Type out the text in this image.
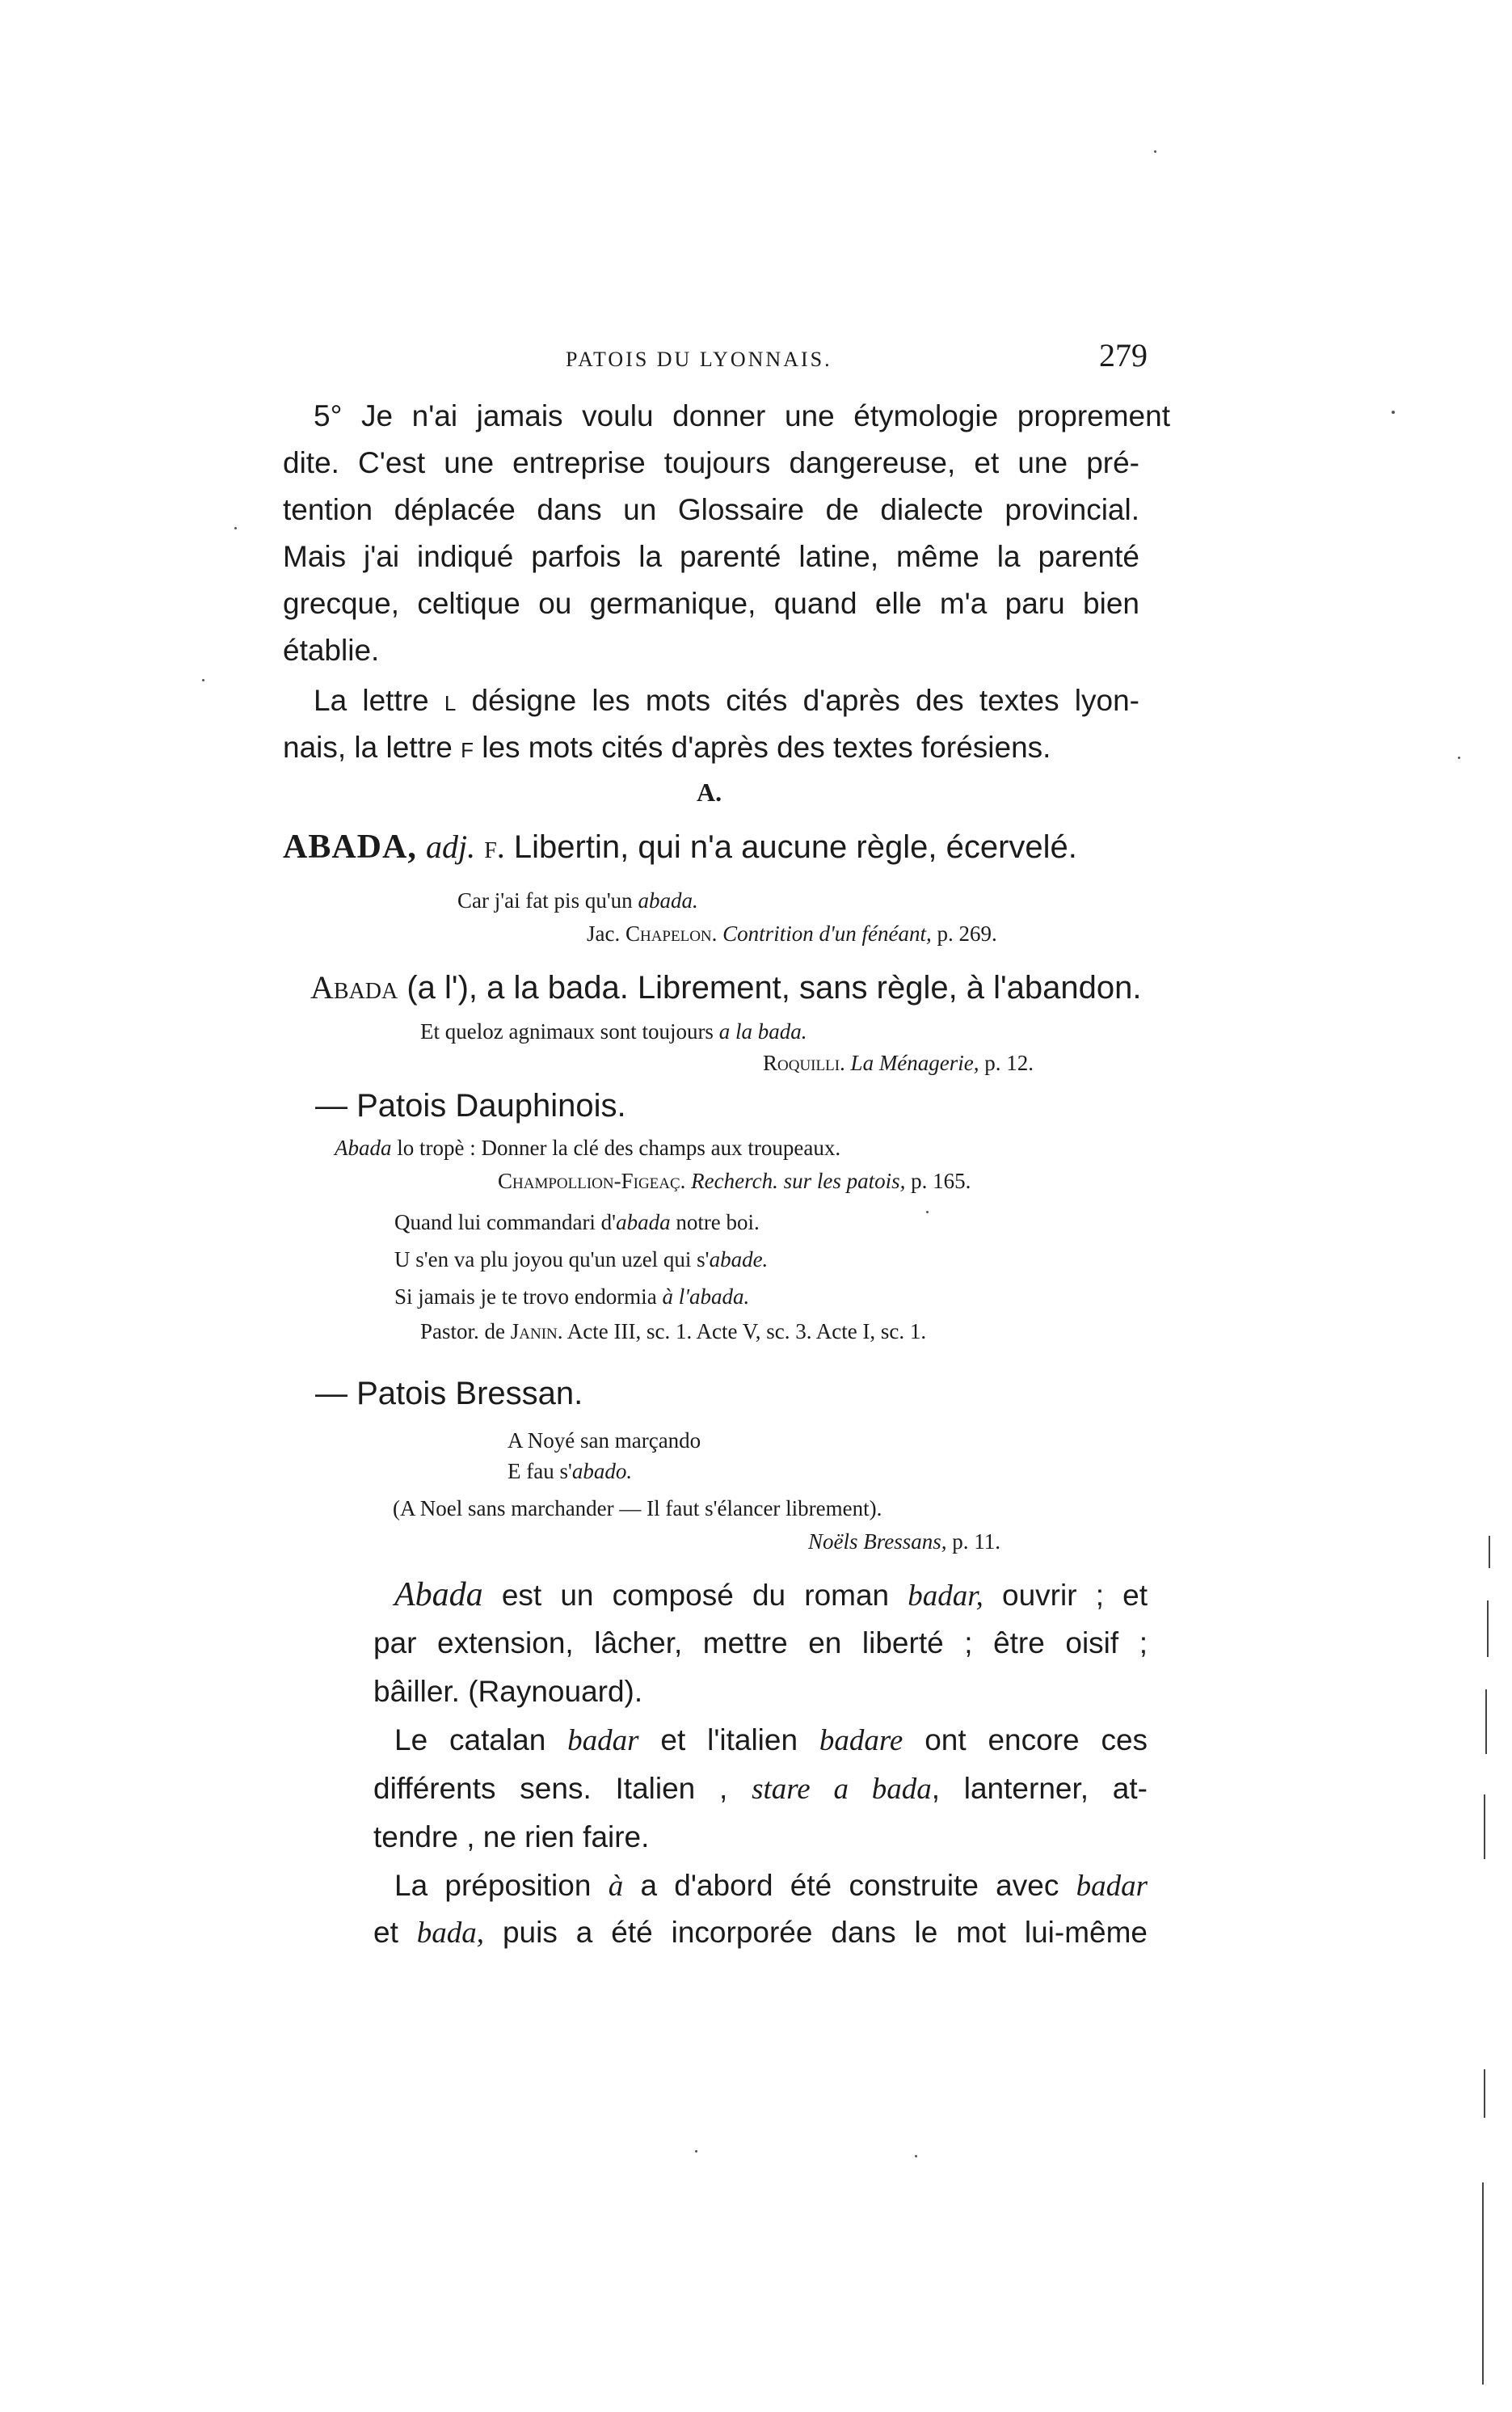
PATOIS DU LYONNAIS.	279
5° Je n'ai jamais voulu donner une étymologie proprement
dite. C'est une entreprise toujours dangereuse, et une pré-
tention déplacée dans un Glossaire de dialecte provincial.
Mais j'ai indiqué parfois la parenté latine, même la parenté
grecque, celtique ou germanique, quand elle m'a paru bien
établie.
La lettre l désigne les mots cités d'après des textes lyon-
nais, la lettre f les mots cités d'après des textes forésiens.
A.
ABADA, adj. f. Libertin, qui n'a aucune règle, écervelé.
Car j'ai fat pis qu'un abada.
Jac. Chapelon. Contrition d'un fénéant, p. 269.
Abada (a l'), a la bada. Librement, sans règle, à l'abandon.
Et queloz agnimaux sont toujours a la bada.
Roquilli. La Ménagerie, p. 12.
— Patois Dauphinois.
Abada lo tropè : Donner la clé des champs aux troupeaux.
Champollion-Figeaç. Recherch. sur les patois, p. 165.
Quand lui commandari d'abada notre boi.
U s'en va plu joyou qu'un uzel qui s'abade.
Si jamais je te trovo endormia à l'abada.
Pastor. de Janin. Acte III, sc. 1. Acte V, sc. 3. Acte I, sc. 1.
— Patois Bressan.
A Noyé san marçando
E fau s'abado.
(A Noel sans marchander — Il faut s'élancer librement).
Noëls Bressans, p. 11.
Abada est un composé du roman badar, ouvrir ; et
par extension, lâcher, mettre en liberté ; être oisif ;
bâiller. (Raynouard).
Le catalan badar et l'italien badare ont encore ces
différents sens. Italien , stare a bada, lanterner, at-
tendre , ne rien faire.
La préposition à a d'abord été construite avec badar
et bada, puis a été incorporée dans le mot lui-même
